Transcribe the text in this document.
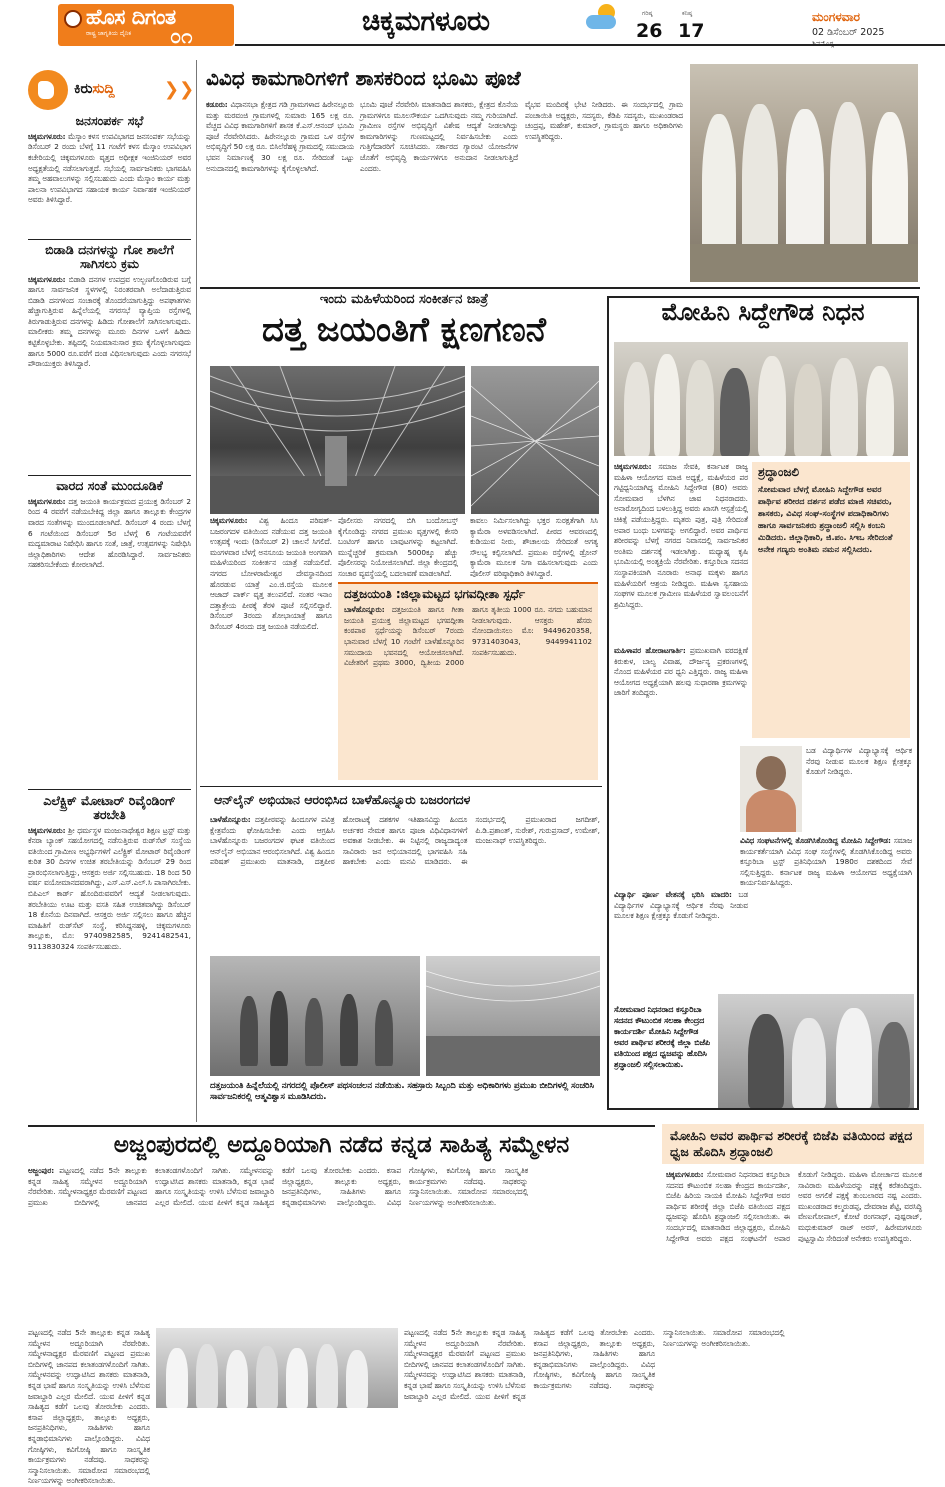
ಹೊಸ ದಿಗಂತ
ರಾಷ್ಟ್ರ ಜಾಗೃತಿಯ ದೈನಿಕ ೦೧	ಚಿಕ್ಕಮಗಳೂರು	ಗರಿಷ್ಠ
26
ಕನಿಷ್ಠ
17
ಮಂಗಳವಾರ
02 ಡಿಸೆಂಬರ್ 2025
ಕಿರುಸುದ್ದಿ	❯❯
ಜನಸಂಪರ್ಕ ಸಭೆ
ಚಿಕ್ಕಮಗಳೂರು: ಮೆಸ್ಕಾಂ ಕಳಸ ಉಪವಿಭಾಗದ ಜನಸಂಪರ್ಕ ಸಭೆಯನ್ನು ಡಿಸೆಂಬರ್ 2 ರಂದು ಬೆಳಗ್ಗೆ 11 ಗಂಟೆಗೆ ಕಳಸ ಮೆಸ್ಕಾಂ ಉಪವಿಭಾಗ ಕಚೇರಿಯಲ್ಲಿ ಚಿಕ್ಕಮಗಳೂರು ವೃತ್ತದ ಅಧೀಕ್ಷಕ ಇಂಜಿನಿಯರ್ ಅವರ ಅಧ್ಯಕ್ಷತೆಯಲ್ಲಿ ನಡೆಸಲಾಗುತ್ತದೆ. ಸಭೆಯಲ್ಲಿ ಸಾರ್ವಜನಿಕರು ಭಾಗವಹಿಸಿ ತಮ್ಮ ಅಹವಾಲುಗಳನ್ನು ಸಲ್ಲಿಸಬಹುದು ಎಂದು ಮೆಸ್ಕಾಂ ಕಾರ್ಯ ಮತ್ತು ಪಾಲನಾ ಉಪವಿಭಾಗದ ಸಹಾಯಕ ಕಾರ್ಯ ನಿರ್ವಾಹಕ ಇಂಜಿನಿಯರ್ ಅವರು ತಿಳಿಸಿದ್ದಾರೆ.
ಬಿಡಾಡಿ ದನಗಳನ್ನು ಗೋ ಶಾಲೆಗೆ ಸಾಗಿಸಲು ಕ್ರಮ
ಚಿಕ್ಕಮಗಳೂರು: ಬಿಡಾಡಿ ದನಗಳ ಉಪದ್ರವ ಉಲ್ಬಣಗೊಂಡಿರುವ ಬಗ್ಗೆ ಹಾಗೂ ಸಾರ್ವಜನಿಕ ಸ್ಥಳಗಳಲ್ಲಿ ನಿರಂತರವಾಗಿ ಅಲೆದಾಡುತ್ತಿರುವ ಬಿಡಾಡಿ ದನಗಳಿಂದ ಸಂಚಾರಕ್ಕೆ ತೊಂದರೆಯಾಗುತ್ತಿದ್ದು ಅಪಘಾತಗಳು ಹೆಚ್ಚಾಗುತ್ತಿರುವ ಹಿನ್ನೆಲೆಯಲ್ಲಿ ನಗರಸಭೆ ವ್ಯಾಪ್ತಿಯ ರಸ್ತೆಗಳಲ್ಲಿ ತಿರುಗಾಡುತ್ತಿರುವ ದನಗಳನ್ನು ಹಿಡಿದು ಗೋಶಾಲೆಗೆ ಸಾಗಿಸಲಾಗುವುದು. ಮಾಲೀಕರು ತಮ್ಮ ದನಗಳನ್ನು ಮೂರು ದಿನಗಳ ಒಳಗೆ ಹಿಡಿದು ಕಟ್ಟಿಕೊಳ್ಳಬೇಕು. ತಪ್ಪಿದಲ್ಲಿ ನಿಯಮಾನುಸಾರ ಕ್ರಮ ಕೈಗೊಳ್ಳಲಾಗುವುದು ಹಾಗೂ 5000 ರೂ.ವರೆಗೆ ದಂಡ ವಿಧಿಸಲಾಗುವುದು ಎಂದು ನಗರಸಭೆ ಪೌರಾಯುಕ್ತರು ತಿಳಿಸಿದ್ದಾರೆ.
ವಾರದ ಸಂತೆ ಮುಂದೂಡಿಕೆ
ಚಿಕ್ಕಮಗಳೂರು: ದತ್ತ ಜಯಂತಿ ಕಾರ್ಯಕ್ರಮದ ಪ್ರಯುಕ್ತ ಡಿಸೆಂಬರ್ 2 ರಿಂದ 4 ರವರೆಗೆ ನಡೆಯಬೇಕಿದ್ದ ಜಿಲ್ಲಾ ಹಾಗೂ ತಾಲ್ಲೂಕು ಕೇಂದ್ರಗಳ ವಾರದ ಸಂತೆಗಳನ್ನು ಮುಂದೂಡಲಾಗಿದೆ. ಡಿಸೆಂಬರ್ 4 ರಂದು ಬೆಳಗ್ಗೆ 6 ಗಂಟೆಯಿಂದ ಡಿಸೆಂಬರ್ 5ರ ಬೆಳಗ್ಗೆ 6 ಗಂಟೆಯವರೆಗೆ ಮದ್ಯಮಾರಾಟ ನಿಷೇಧಿಸಿ ಹಾಗೂ ಸಂತೆ, ಜಾತ್ರೆ, ಉತ್ಸವಗಳನ್ನು ನಿಷೇಧಿಸಿ ಜಿಲ್ಲಾಧಿಕಾರಿಗಳು ಆದೇಶ ಹೊರಡಿಸಿದ್ದಾರೆ. ಸಾರ್ವಜನಿಕರು ಸಹಕರಿಸಬೇಕೆಂದು ಕೋರಲಾಗಿದೆ.
ಎಲೆಕ್ಟ್ರಿಕ್ ಮೋಟಾರ್ ರಿವೈಂಡಿಂಗ್ ತರಬೇತಿ
ಚಿಕ್ಕಮಗಳೂರು: ಶ್ರೀ ಧರ್ಮಸ್ಥಳ ಮಂಜುನಾಥೇಶ್ವರ ಶಿಕ್ಷಣ ಟ್ರಸ್ಟ್ ಮತ್ತು ಕೆನರಾ ಬ್ಯಾಂಕ್ ಸಹಯೋಗದಲ್ಲಿ ನಡೆಸುತ್ತಿರುವ ರುಡ್‌ಸೆಟ್ ಸಂಸ್ಥೆಯ ವತಿಯಿಂದ ಗ್ರಾಮೀಣ ಅಭ್ಯರ್ಥಿಗಳಿಗೆ ಎಲೆಕ್ಟ್ರಿಕ್ ಮೋಟಾರ್ ರಿವೈಂಡಿಂಗ್ ಕುರಿತ 30 ದಿನಗಳ ಉಚಿತ ತರಬೇತಿಯನ್ನು ಡಿಸೆಂಬರ್ 29 ರಿಂದ ಪ್ರಾರಂಭಿಸಲಾಗುತ್ತಿದ್ದು, ಆಸಕ್ತರು ಅರ್ಜಿ ಸಲ್ಲಿಸಬಹುದು. 18 ರಿಂದ 50 ವರ್ಷ ವಯೋಮಾನದವರಾಗಿದ್ದು, ಎಸ್.ಎಸ್.ಎಲ್.ಸಿ ಪಾಸಾಗಿರಬೇಕು. ಬಿಪಿಎಲ್ ಕಾರ್ಡ್ ಹೊಂದಿರುವವರಿಗೆ ಆದ್ಯತೆ ನೀಡಲಾಗುವುದು. ತರಬೇತಿಯು ಊಟ ಮತ್ತು ವಸತಿ ಸಹಿತ ಉಚಿತವಾಗಿದ್ದು ಡಿಸೆಂಬರ್ 18 ಕೊನೆಯ ದಿನವಾಗಿದೆ. ಆಸಕ್ತರು ಅರ್ಜಿ ಸಲ್ಲಿಸಲು ಹಾಗೂ ಹೆಚ್ಚಿನ ಮಾಹಿತಿಗೆ ರುಡ್‌ಸೆಟ್ ಸಂಸ್ಥೆ, ಕರಿಸಿದ್ದನಹಳ್ಳಿ, ಚಿಕ್ಕಮಗಳೂರು ತಾಲ್ಲೂಕು, ಮೊ: 9740982585, 9241482541, 9113830324 ಸಂಪರ್ಕಿಸಬಹುದು.
ವಿವಿಧ ಕಾಮಗಾರಿಗಳಿಗೆ ಶಾಸಕರಿಂದ ಭೂಮಿ ಪೂಜೆ
ಕಡೂರು: ವಿಧಾನಸಭಾ ಕ್ಷೇತ್ರದ ಗಡಿ ಗ್ರಾಮಗಳಾದ ಹಿರೇನಲ್ಲೂರು ಮತ್ತು ಮರವಂಜಿ ಗ್ರಾಮಗಳಲ್ಲಿ ಸುಮಾರು 165 ಲಕ್ಷ ರೂ. ವೆಚ್ಚದ ವಿವಿಧ ಕಾಮಗಾರಿಗಳಿಗೆ ಶಾಸಕ ಕೆ.ಎಸ್.ಆನಂದ್ ಭೂಮಿ ಪೂಜೆ ನೆರವೇರಿಸಿದರು. ಹಿರೇನಲ್ಲೂರು ಗ್ರಾಮದ ಒಳ ರಸ್ತೆಗಳ ಅಭಿವೃದ್ಧಿಗೆ 50 ಲಕ್ಷ ರೂ. ಬಿಸಿಲೆರೆಹಳ್ಳಿ ಗ್ರಾಮದಲ್ಲಿ ಸಮುದಾಯ ಭವನ ನಿರ್ಮಾಣಕ್ಕೆ 30 ಲಕ್ಷ ರೂ. ಸೇರಿದಂತೆ ಒಟ್ಟು ಅನುದಾನದಲ್ಲಿ ಕಾಮಗಾರಿಗಳನ್ನು ಕೈಗೊಳ್ಳಲಾಗಿದೆ.
ಭೂಮಿ ಪೂಜೆ ನೆರವೇರಿಸಿ ಮಾತನಾಡಿದ ಶಾಸಕರು, ಕ್ಷೇತ್ರದ ಕೊನೆಯ ಗ್ರಾಮಗಳಿಗೂ ಮೂಲಸೌಕರ್ಯ ಒದಗಿಸುವುದು ನಮ್ಮ ಗುರಿಯಾಗಿದೆ. ಗ್ರಾಮೀಣ ರಸ್ತೆಗಳ ಅಭಿವೃದ್ಧಿಗೆ ವಿಶೇಷ ಆದ್ಯತೆ ನೀಡಲಾಗಿದ್ದು ಕಾಮಗಾರಿಗಳನ್ನು ಗುಣಮಟ್ಟದಲ್ಲಿ ನಿರ್ವಹಿಸಬೇಕು ಎಂದು ಗುತ್ತಿಗೆದಾರರಿಗೆ ಸೂಚಿಸಿದರು. ಸರ್ಕಾರದ ಗ್ಯಾರಂಟಿ ಯೋಜನೆಗಳ ಜೊತೆಗೆ ಅಭಿವೃದ್ಧಿ ಕಾರ್ಯಗಳಿಗೂ ಅನುದಾನ ನೀಡಲಾಗುತ್ತಿದೆ ಎಂದರು.
ವೈಭವ ಮಂದಿರಕ್ಕೆ ಭೇಟಿ ನೀಡಿದರು. ಈ ಸಂದರ್ಭದಲ್ಲಿ ಗ್ರಾಮ ಪಂಚಾಯಿತಿ ಅಧ್ಯಕ್ಷರು, ಸದಸ್ಯರು, ಕೆಡಿಪಿ ಸದಸ್ಯರು, ಮುಖಂಡರಾದ ಚಂದ್ರಪ್ಪ, ಮಹೇಶ್, ಕುಮಾರ್, ಗ್ರಾಮಸ್ಥರು ಹಾಗೂ ಅಧಿಕಾರಿಗಳು ಉಪಸ್ಥಿತರಿದ್ದರು.
ಇಂದು ಮಹಿಳೆಯರಿಂದ ಸಂಕೀರ್ತನ ಜಾತ್ರೆ
ದತ್ತ ಜಯಂತಿಗೆ ಕ್ಷಣಗಣನೆ
ಚಿಕ್ಕಮಗಳೂರು: ವಿಶ್ವ ಹಿಂದೂ ಪರಿಷತ್-ಬಜರಂಗದಳ ವತಿಯಿಂದ ನಡೆಯುವ ದತ್ತ ಜಯಂತಿ ಉತ್ಸವಕ್ಕೆ ಇಂದು (ಡಿಸೆಂಬರ್ 2) ಚಾಲನೆ ಸಿಗಲಿದೆ. ಮಂಗಳವಾರ ಬೆಳಗ್ಗೆ ಅನಸೂಯ ಜಯಂತಿ ಅಂಗವಾಗಿ ಮಹಿಳೆಯರಿಂದ ಸಂಕೀರ್ತನ ಯಾತ್ರೆ ನಡೆಯಲಿದೆ. ನಗರದ ಬೋಳರಾಮೇಶ್ವರ ದೇವಸ್ಥಾನದಿಂದ ಹೊರಡುವ ಯಾತ್ರೆ ಎಂ.ಜಿ.ರಸ್ತೆಯ ಮೂಲಕ ಆಜಾದ್ ಪಾರ್ಕ್ ವೃತ್ತ ತಲುಪಲಿದೆ. ನಂತರ ಇನಾಂ ದತ್ತಾತ್ರೇಯ ಪೀಠಕ್ಕೆ ತೆರಳಿ ಪೂಜೆ ಸಲ್ಲಿಸಲಿದ್ದಾರೆ. ಡಿಸೆಂಬರ್ 3ರಂದು ಶೋಭಾಯಾತ್ರೆ ಹಾಗೂ ಡಿಸೆಂಬರ್ 4ರಂದು ದತ್ತ ಜಯಂತಿ ನಡೆಯಲಿದೆ.
ಪೊಲೀಸರು ನಗರದಲ್ಲಿ ಬಿಗಿ ಬಂದೋಬಸ್ತ್ ಕೈಗೊಂಡಿದ್ದು ನಗರದ ಪ್ರಮುಖ ವೃತ್ತಗಳಲ್ಲಿ ಕೇಸರಿ ಬಂಟಿಂಗ್ ಹಾಗೂ ಬಾವುಟಗಳನ್ನು ಕಟ್ಟಲಾಗಿದೆ. ಮುನ್ನೆಚ್ಚರಿಕೆ ಕ್ರಮವಾಗಿ 5000ಕ್ಕೂ ಹೆಚ್ಚು ಪೊಲೀಸರನ್ನು ನಿಯೋಜಿಸಲಾಗಿದೆ. ಜಿಲ್ಲಾ ಕೇಂದ್ರದಲ್ಲಿ ಸಂಚಾರ ವ್ಯವಸ್ಥೆಯಲ್ಲಿ ಬದಲಾವಣೆ ಮಾಡಲಾಗಿದೆ.
ದತ್ತಜಯಂತಿ :ಜಿಲ್ಲಾಮಟ್ಟದ ಭಗವದ್ಗೀತಾ ಸ್ಪರ್ಧೆ
ಬಾಳೆಹೊನ್ನೂರು: ದತ್ತಜಯಂತಿ ಹಾಗೂ ಗೀತಾ ಜಯಂತಿ ಪ್ರಯುಕ್ತ ಜಿಲ್ಲಾಮಟ್ಟದ ಭಗವದ್ಗೀತಾ ಕಂಠಪಾಠ ಸ್ಪರ್ಧೆಯನ್ನು ಡಿಸೆಂಬರ್ 7ರಂದು ಭಾನುವಾರ ಬೆಳಗ್ಗೆ 10 ಗಂಟೆಗೆ ಬಾಳೆಹೊನ್ನೂರಿನ ಸಮುದಾಯ ಭವನದಲ್ಲಿ ಆಯೋಜಿಸಲಾಗಿದೆ. ವಿಜೇತರಿಗೆ ಪ್ರಥಮ 3000, ದ್ವಿತೀಯ 2000 ಹಾಗೂ ತೃತೀಯ 1000 ರೂ. ನಗದು ಬಹುಮಾನ ನೀಡಲಾಗುವುದು. ಆಸಕ್ತರು ಹೆಸರು ನೋಂದಾಯಿಸಲು ಮೊ: 9449620358, 9731403043, 9449941102 ಸಂಪರ್ಕಿಸಬಹುದು.
ಕಾವಲು ನಿರ್ಮಿಸಲಾಗಿದ್ದು ಭಕ್ತರ ಸುರಕ್ಷತೆಗಾಗಿ ಸಿಸಿ ಕ್ಯಾಮೆರಾ ಅಳವಡಿಸಲಾಗಿದೆ. ಪೀಠದ ಆವರಣದಲ್ಲಿ ಕುಡಿಯುವ ನೀರು, ಶೌಚಾಲಯ ಸೇರಿದಂತೆ ಅಗತ್ಯ ಸೌಲಭ್ಯ ಕಲ್ಪಿಸಲಾಗಿದೆ. ಪ್ರಮುಖ ರಸ್ತೆಗಳಲ್ಲಿ ಡ್ರೋನ್ ಕ್ಯಾಮೆರಾ ಮೂಲಕ ನಿಗಾ ವಹಿಸಲಾಗುವುದು ಎಂದು ಪೊಲೀಸ್ ವರಿಷ್ಠಾಧಿಕಾರಿ ತಿಳಿಸಿದ್ದಾರೆ.
ಆನ್‌ಲೈನ್ ಅಭಿಯಾನ ಆರಂಭಿಸಿದ ಬಾಳೆಹೊನ್ನೂರು ಬಜರಂಗದಳ
ಬಾಳೆಹೊನ್ನೂರು: ದತ್ತಪೀಠವನ್ನು ಹಿಂದೂಗಳ ಪವಿತ್ರ ಕ್ಷೇತ್ರವೆಂದು ಘೋಷಿಸಬೇಕು ಎಂದು ಆಗ್ರಹಿಸಿ ಬಾಳೆಹೊನ್ನೂರು ಬಜರಂಗದಳ ಘಟಕ ವತಿಯಿಂದ ಆನ್‌ಲೈನ್ ಅಭಿಯಾನ ಆರಂಭಿಸಲಾಗಿದೆ. ವಿಶ್ವ ಹಿಂದೂ ಪರಿಷತ್ ಪ್ರಮುಖರು ಮಾತನಾಡಿ, ದತ್ತಪೀಠ ಹೋರಾಟಕ್ಕೆ ದಶಕಗಳ ಇತಿಹಾಸವಿದ್ದು ಹಿಂದೂ ಅರ್ಚಕರ ನೇಮಕ ಹಾಗೂ ಪೂಜಾ ವಿಧಿವಿಧಾನಗಳಿಗೆ ಅವಕಾಶ ನೀಡಬೇಕು. ಈ ನಿಟ್ಟಿನಲ್ಲಿ ರಾಜ್ಯದಾದ್ಯಂತ ಸಾವಿರಾರು ಜನ ಅಭಿಯಾನದಲ್ಲಿ ಭಾಗವಹಿಸಿ ಸಹಿ ಹಾಕಬೇಕು ಎಂದು ಮನವಿ ಮಾಡಿದರು. ಈ ಸಂದರ್ಭದಲ್ಲಿ ಪ್ರಮುಖರಾದ ಜಗದೀಶ್, ಪಿ.ಡಿ.ಪ್ರಶಾಂತ್, ಸುರೇಶ್, ಗುರುಪ್ರಸಾದ್, ಉಮೇಶ್, ಮಂಜುನಾಥ್ ಉಪಸ್ಥಿತರಿದ್ದರು.
ದತ್ತಜಯಂತಿ ಹಿನ್ನೆಲೆಯಲ್ಲಿ ನಗರದಲ್ಲಿ ಪೊಲೀಸ್ ಪಥಸಂಚಲನ ನಡೆಯಿತು. ಸಹಸ್ರಾರು ಸಿಬ್ಬಂದಿ ಮತ್ತು ಅಧಿಕಾರಿಗಳು ಪ್ರಮುಖ ಬೀದಿಗಳಲ್ಲಿ ಸಂಚರಿಸಿ ಸಾರ್ವಜನಿಕರಲ್ಲಿ ಆತ್ಮವಿಶ್ವಾಸ ಮೂಡಿಸಿದರು.
ಮೋಹಿನಿ ಸಿದ್ದೇಗೌಡ ನಿಧನ
ಚಿಕ್ಕಮಗಳೂರು: ಸಮಾಜ ಸೇವಕಿ, ಕರ್ನಾಟಕ ರಾಜ್ಯ ಮಹಿಳಾ ಆಯೋಗದ ಮಾಜಿ ಅಧ್ಯಕ್ಷೆ, ಮಹಿಳೆಯರ ಪರ ಗಟ್ಟಿಧ್ವನಿಯಾಗಿದ್ದ ಮೋಹಿನಿ ಸಿದ್ದೇಗೌಡ (80) ಅವರು ಸೋಮವಾರ ಬೆಳಗಿನ ಜಾವ ನಿಧನರಾದರು. ಅನಾರೋಗ್ಯದಿಂದ ಬಳಲುತ್ತಿದ್ದ ಅವರು ಖಾಸಗಿ ಆಸ್ಪತ್ರೆಯಲ್ಲಿ ಚಿಕಿತ್ಸೆ ಪಡೆಯುತ್ತಿದ್ದರು. ಮೃತರು ಪುತ್ರ, ಪುತ್ರಿ ಸೇರಿದಂತೆ ಅಪಾರ ಬಂಧು ಬಳಗವನ್ನು ಅಗಲಿದ್ದಾರೆ. ಅವರ ಪಾರ್ಥಿವ ಶರೀರವನ್ನು ಬೆಳಗ್ಗೆ ನಗರದ ನಿವಾಸದಲ್ಲಿ ಸಾರ್ವಜನಿಕರ ಅಂತಿಮ ದರ್ಶನಕ್ಕೆ ಇಡಲಾಗಿತ್ತು. ಮಧ್ಯಾಹ್ನ ಕೃಷಿ ಭೂಮಿಯಲ್ಲಿ ಅಂತ್ಯಕ್ರಿಯೆ ನೆರವೇರಿತು. ಕಸ್ತೂರಿಬಾ ಸದನದ ಸಂಸ್ಥಾಪಕಿಯಾಗಿ ನೂರಾರು ಅನಾಥ ಮಕ್ಕಳು ಹಾಗೂ ಮಹಿಳೆಯರಿಗೆ ಆಶ್ರಯ ನೀಡಿದ್ದರು. ಮಹಿಳಾ ಸ್ವಸಹಾಯ ಸಂಘಗಳ ಮೂಲಕ ಗ್ರಾಮೀಣ ಮಹಿಳೆಯರ ಸ್ವಾವಲಂಬನೆಗೆ ಶ್ರಮಿಸಿದ್ದರು.
ಮಹಿಳಾಪರ ಹೋರಾಟಗಾರ್ತಿ: ಪ್ರಮುಖವಾಗಿ ವರದಕ್ಷಿಣೆ ಕಿರುಕುಳ, ಬಾಲ್ಯ ವಿವಾಹ, ದೌರ್ಜನ್ಯ ಪ್ರಕರಣಗಳಲ್ಲಿ ನೊಂದ ಮಹಿಳೆಯರ ಪರ ಧ್ವನಿ ಎತ್ತಿದ್ದರು. ರಾಜ್ಯ ಮಹಿಳಾ ಆಯೋಗದ ಅಧ್ಯಕ್ಷೆಯಾಗಿ ಹಲವು ಸುಧಾರಣಾ ಕ್ರಮಗಳನ್ನು ಜಾರಿಗೆ ತಂದಿದ್ದರು.
ವಿದ್ಯಾರ್ಥಿ ಪೂರ್ಣ ವೇತನಕ್ಕೆ ಭರಿಸಿ ಮಾದರಿ: ಬಡ ವಿದ್ಯಾರ್ಥಿಗಳ ವಿದ್ಯಾಭ್ಯಾಸಕ್ಕೆ ಆರ್ಥಿಕ ನೆರವು ನೀಡುವ ಮೂಲಕ ಶಿಕ್ಷಣ ಕ್ಷೇತ್ರಕ್ಕೂ ಕೊಡುಗೆ ನೀಡಿದ್ದರು.
ಶ್ರದ್ಧಾಂಜಲಿ
ಸೋಮವಾರ ಬೆಳಗ್ಗೆ ಮೋಹಿನಿ ಸಿದ್ದೇಗೌಡ ಅವರ ಪಾರ್ಥಿವ ಶರೀರದ ದರ್ಶನ ಪಡೆದ ಮಾಜಿ ಸಚಿವರು, ಶಾಸಕರು, ವಿವಿಧ ಸಂಘ-ಸಂಸ್ಥೆಗಳ ಪದಾಧಿಕಾರಿಗಳು ಹಾಗೂ ಸಾರ್ವಜನಿಕರು ಶ್ರದ್ಧಾಂಜಲಿ ಸಲ್ಲಿಸಿ ಕಂಬನಿ ಮಿಡಿದರು. ಜಿಲ್ಲಾಧಿಕಾರಿ, ಜಿ.ಪಂ. ಸಿಇಒ ಸೇರಿದಂತೆ ಅನೇಕ ಗಣ್ಯರು ಅಂತಿಮ ನಮನ ಸಲ್ಲಿಸಿದರು.
ಬಡ ವಿದ್ಯಾರ್ಥಿಗಳ ವಿದ್ಯಾಭ್ಯಾಸಕ್ಕೆ ಆರ್ಥಿಕ ನೆರವು ನೀಡುವ ಮೂಲಕ ಶಿಕ್ಷಣ ಕ್ಷೇತ್ರಕ್ಕೂ ಕೊಡುಗೆ ನೀಡಿದ್ದರು.
ವಿವಿಧ ಸಂಘಟನೆಗಳಲ್ಲಿ ತೊಡಗಿಸಿಕೊಂಡಿದ್ದ ಮೋಹಿನಿ ಸಿದ್ದೇಗೌಡ: ಸಮಾಜ ಕಾರ್ಯಕರ್ತೆಯಾಗಿ ವಿವಿಧ ಸಂಘ ಸಂಸ್ಥೆಗಳಲ್ಲಿ ತೊಡಗಿಸಿಕೊಂಡಿದ್ದ ಅವರು ಕಸ್ತೂರಿಬಾ ಟ್ರಸ್ಟ್ ಪ್ರತಿನಿಧಿಯಾಗಿ 1980ರ ದಶಕದಿಂದ ಸೇವೆ ಸಲ್ಲಿಸುತ್ತಿದ್ದರು. ಕರ್ನಾಟಕ ರಾಜ್ಯ ಮಹಿಳಾ ಆಯೋಗದ ಅಧ್ಯಕ್ಷೆಯಾಗಿ ಕಾರ್ಯನಿರ್ವಹಿಸಿದ್ದರು.
ಸೋಮವಾರ ನಿಧನರಾದ ಕಸ್ತೂರಿಬಾ ಸದನದ ಕೌಟುಂಬಿಕ ಸಲಹಾ ಕೇಂದ್ರದ ಕಾರ್ಯದರ್ಶಿ ಮೋಹಿನಿ ಸಿದ್ದೇಗೌಡ ಅವರ ಪಾರ್ಥಿವ ಶರೀರಕ್ಕೆ ಜಿಲ್ಲಾ ಬಿಜೆಪಿ ವತಿಯಿಂದ ಪಕ್ಷದ ಧ್ವಜವನ್ನು ಹೊದಿಸಿ ಶ್ರದ್ಧಾಂಜಲಿ ಸಲ್ಲಿಸಲಾಯಿತು.
ಅಜ್ಜಂಪುರದಲ್ಲಿ ಅದ್ದೂರಿಯಾಗಿ ನಡೆದ ಕನ್ನಡ ಸಾಹಿತ್ಯ ಸಮ್ಮೇಳನ
ಅಜ್ಜಂಪುರ: ಪಟ್ಟಣದಲ್ಲಿ ನಡೆದ 5ನೇ ತಾಲ್ಲೂಕು ಕನ್ನಡ ಸಾಹಿತ್ಯ ಸಮ್ಮೇಳನ ಅದ್ದೂರಿಯಾಗಿ ನೆರವೇರಿತು. ಸಮ್ಮೇಳನಾಧ್ಯಕ್ಷರ ಮೆರವಣಿಗೆ ಪಟ್ಟಣದ ಪ್ರಮುಖ ಬೀದಿಗಳಲ್ಲಿ ಜಾನಪದ ಕಲಾತಂಡಗಳೊಂದಿಗೆ ಸಾಗಿತು. ಸಮ್ಮೇಳನವನ್ನು ಉದ್ಘಾಟಿಸಿದ ಶಾಸಕರು ಮಾತನಾಡಿ, ಕನ್ನಡ ಭಾಷೆ ಹಾಗೂ ಸಂಸ್ಕೃತಿಯನ್ನು ಉಳಿಸಿ ಬೆಳೆಸುವ ಜವಾಬ್ದಾರಿ ಎಲ್ಲರ ಮೇಲಿದೆ. ಯುವ ಪೀಳಿಗೆ ಕನ್ನಡ ಸಾಹಿತ್ಯದ ಕಡೆಗೆ ಒಲವು ತೋರಬೇಕು ಎಂದರು. ಕಸಾಪ ಜಿಲ್ಲಾಧ್ಯಕ್ಷರು, ತಾಲ್ಲೂಕು ಅಧ್ಯಕ್ಷರು, ಜನಪ್ರತಿನಿಧಿಗಳು, ಸಾಹಿತಿಗಳು ಹಾಗೂ ಕನ್ನಡಾಭಿಮಾನಿಗಳು ಪಾಲ್ಗೊಂಡಿದ್ದರು. ವಿವಿಧ ಗೋಷ್ಠಿಗಳು, ಕವಿಗೋಷ್ಠಿ ಹಾಗೂ ಸಾಂಸ್ಕೃತಿಕ ಕಾರ್ಯಕ್ರಮಗಳು ನಡೆದವು. ಸಾಧಕರನ್ನು ಸನ್ಮಾನಿಸಲಾಯಿತು. ಸಮಾರೋಪ ಸಮಾರಂಭದಲ್ಲಿ ನಿರ್ಣಯಗಳನ್ನು ಅಂಗೀಕರಿಸಲಾಯಿತು.
ಪಟ್ಟಣದಲ್ಲಿ ನಡೆದ 5ನೇ ತಾಲ್ಲೂಕು ಕನ್ನಡ ಸಾಹಿತ್ಯ ಸಮ್ಮೇಳನ ಅದ್ದೂರಿಯಾಗಿ ನೆರವೇರಿತು. ಸಮ್ಮೇಳನಾಧ್ಯಕ್ಷರ ಮೆರವಣಿಗೆ ಪಟ್ಟಣದ ಪ್ರಮುಖ ಬೀದಿಗಳಲ್ಲಿ ಜಾನಪದ ಕಲಾತಂಡಗಳೊಂದಿಗೆ ಸಾಗಿತು. ಸಮ್ಮೇಳನವನ್ನು ಉದ್ಘಾಟಿಸಿದ ಶಾಸಕರು ಮಾತನಾಡಿ, ಕನ್ನಡ ಭಾಷೆ ಹಾಗೂ ಸಂಸ್ಕೃತಿಯನ್ನು ಉಳಿಸಿ ಬೆಳೆಸುವ ಜವಾಬ್ದಾರಿ ಎಲ್ಲರ ಮೇಲಿದೆ. ಯುವ ಪೀಳಿಗೆ ಕನ್ನಡ ಸಾಹಿತ್ಯದ ಕಡೆಗೆ ಒಲವು ತೋರಬೇಕು ಎಂದರು. ಕಸಾಪ ಜಿಲ್ಲಾಧ್ಯಕ್ಷರು, ತಾಲ್ಲೂಕು ಅಧ್ಯಕ್ಷರು, ಜನಪ್ರತಿನಿಧಿಗಳು, ಸಾಹಿತಿಗಳು ಹಾಗೂ ಕನ್ನಡಾಭಿಮಾನಿಗಳು ಪಾಲ್ಗೊಂಡಿದ್ದರು. ವಿವಿಧ ಗೋಷ್ಠಿಗಳು, ಕವಿಗೋಷ್ಠಿ ಹಾಗೂ ಸಾಂಸ್ಕೃತಿಕ ಕಾರ್ಯಕ್ರಮಗಳು ನಡೆದವು. ಸಾಧಕರನ್ನು ಸನ್ಮಾನಿಸಲಾಯಿತು. ಸಮಾರೋಪ ಸಮಾರಂಭದಲ್ಲಿ ನಿರ್ಣಯಗಳನ್ನು ಅಂಗೀಕರಿಸಲಾಯಿತು.
ಪಟ್ಟಣದಲ್ಲಿ ನಡೆದ 5ನೇ ತಾಲ್ಲೂಕು ಕನ್ನಡ ಸಾಹಿತ್ಯ ಸಮ್ಮೇಳನ ಅದ್ದೂರಿಯಾಗಿ ನೆರವೇರಿತು. ಸಮ್ಮೇಳನಾಧ್ಯಕ್ಷರ ಮೆರವಣಿಗೆ ಪಟ್ಟಣದ ಪ್ರಮುಖ ಬೀದಿಗಳಲ್ಲಿ ಜಾನಪದ ಕಲಾತಂಡಗಳೊಂದಿಗೆ ಸಾಗಿತು. ಸಮ್ಮೇಳನವನ್ನು ಉದ್ಘಾಟಿಸಿದ ಶಾಸಕರು ಮಾತನಾಡಿ, ಕನ್ನಡ ಭಾಷೆ ಹಾಗೂ ಸಂಸ್ಕೃತಿಯನ್ನು ಉಳಿಸಿ ಬೆಳೆಸುವ ಜವಾಬ್ದಾರಿ ಎಲ್ಲರ ಮೇಲಿದೆ. ಯುವ ಪೀಳಿಗೆ ಕನ್ನಡ ಸಾಹಿತ್ಯದ ಕಡೆಗೆ ಒಲವು ತೋರಬೇಕು ಎಂದರು. ಕಸಾಪ ಜಿಲ್ಲಾಧ್ಯಕ್ಷರು, ತಾಲ್ಲೂಕು ಅಧ್ಯಕ್ಷರು, ಜನಪ್ರತಿನಿಧಿಗಳು, ಸಾಹಿತಿಗಳು ಹಾಗೂ ಕನ್ನಡಾಭಿಮಾನಿಗಳು ಪಾಲ್ಗೊಂಡಿದ್ದರು. ವಿವಿಧ ಗೋಷ್ಠಿಗಳು, ಕವಿಗೋಷ್ಠಿ ಹಾಗೂ ಸಾಂಸ್ಕೃತಿಕ ಕಾರ್ಯಕ್ರಮಗಳು ನಡೆದವು. ಸಾಧಕರನ್ನು ಸನ್ಮಾನಿಸಲಾಯಿತು. ಸಮಾರೋಪ ಸಮಾರಂಭದಲ್ಲಿ ನಿರ್ಣಯಗಳನ್ನು ಅಂಗೀಕರಿಸಲಾಯಿತು.
ಮೋಹಿನಿ ಅವರ ಪಾರ್ಥಿವ ಶರೀರಕ್ಕೆ ಬಿಜೆಪಿ ವತಿಯಿಂದ ಪಕ್ಷದ ಧ್ವಜ ಹೊದಿಸಿ ಶ್ರದ್ಧಾಂಜಲಿ
ಚಿಕ್ಕಮಗಳೂರು: ಸೋಮವಾರ ನಿಧನರಾದ ಕಸ್ತೂರಿಬಾ ಸದನದ ಕೌಟುಂಬಿಕ ಸಲಹಾ ಕೇಂದ್ರದ ಕಾರ್ಯದರ್ಶಿ, ಬಿಜೆಪಿ ಹಿರಿಯ ನಾಯಕಿ ಮೋಹಿನಿ ಸಿದ್ದೇಗೌಡ ಅವರ ಪಾರ್ಥಿವ ಶರೀರಕ್ಕೆ ಜಿಲ್ಲಾ ಬಿಜೆಪಿ ವತಿಯಿಂದ ಪಕ್ಷದ ಧ್ವಜವನ್ನು ಹೊದಿಸಿ ಶ್ರದ್ಧಾಂಜಲಿ ಸಲ್ಲಿಸಲಾಯಿತು. ಈ ಸಂದರ್ಭದಲ್ಲಿ ಮಾತನಾಡಿದ ಜಿಲ್ಲಾಧ್ಯಕ್ಷರು, ಮೋಹಿನಿ ಸಿದ್ದೇಗೌಡ ಅವರು ಪಕ್ಷದ ಸಂಘಟನೆಗೆ ಅಪಾರ ಕೊಡುಗೆ ನೀಡಿದ್ದರು. ಮಹಿಳಾ ಮೋರ್ಚಾದ ಮೂಲಕ ಸಾವಿರಾರು ಮಹಿಳೆಯರನ್ನು ಪಕ್ಷಕ್ಕೆ ಕರೆತಂದಿದ್ದರು. ಅವರ ಅಗಲಿಕೆ ಪಕ್ಷಕ್ಕೆ ತುಂಬಲಾರದ ನಷ್ಟ ಎಂದರು. ಮುಖಂಡರಾದ ಕಲ್ಮರುಡಪ್ಪ, ದೇವರಾಜ ಶೆಟ್ಟಿ, ವರಸಿದ್ಧಿ ವೇಣುಗೋಪಾಲ್, ಕೋಟೆ ರಂಗನಾಥ್, ಪುಷ್ಪರಾಜ್, ಮಧುಕುಮಾರ್ ರಾಜ್ ಅರಸ್, ಹಿರೇಮಗಳೂರು ಪುಟ್ಟಸ್ವಾಮಿ ಸೇರಿದಂತೆ ಅನೇಕರು ಉಪಸ್ಥಿತರಿದ್ದರು.
